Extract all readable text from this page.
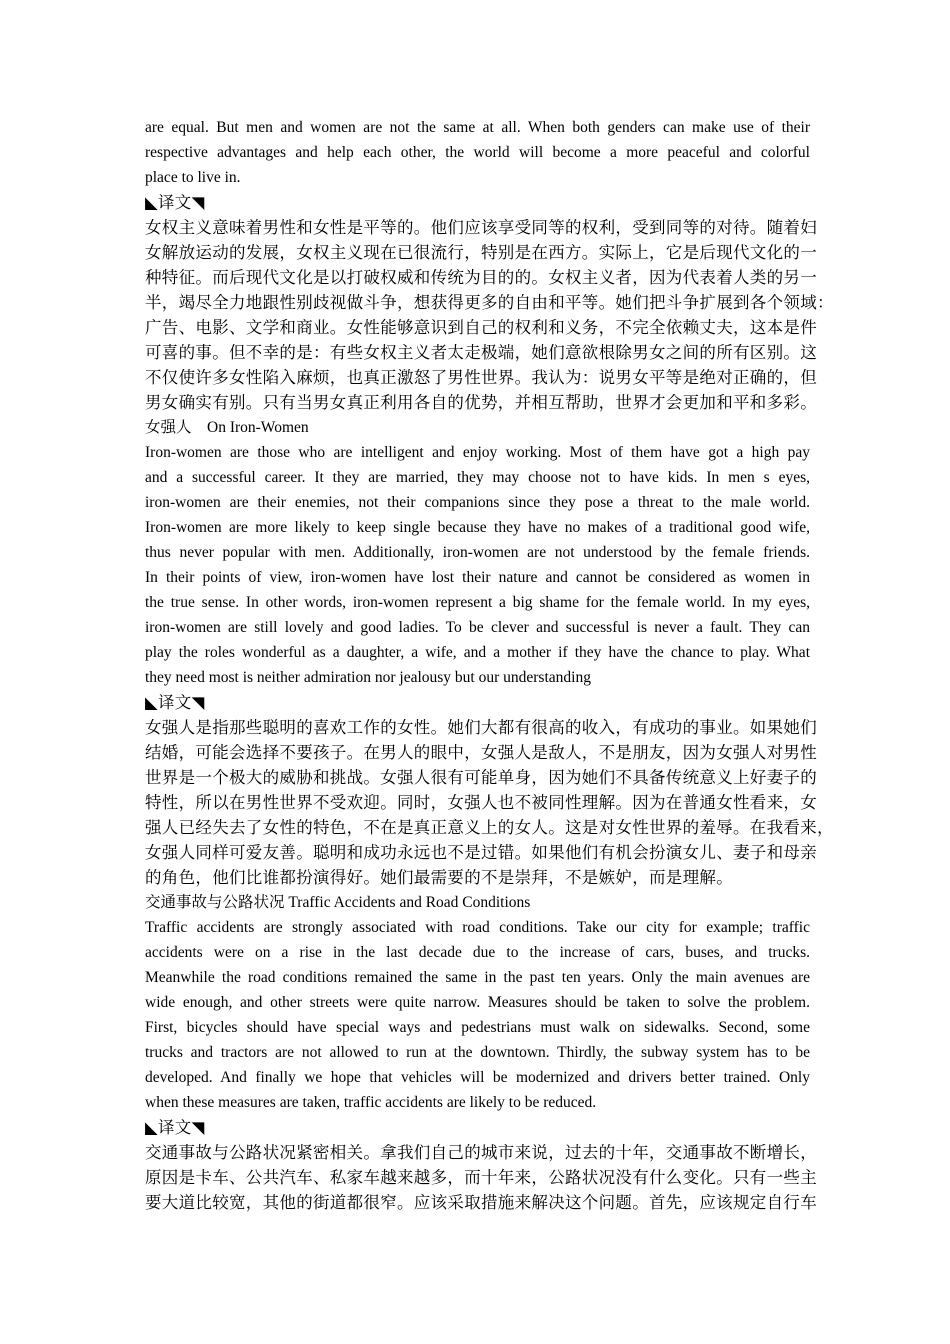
are equal. But men and women are not the same at all. When both genders can make use of their
respective advantages and help each other, the world will become a more peaceful and colorful
place to live in.
◣译文◥
女权主义意味着男性和女性是平等的。他们应该享受同等的权利，受到同等的对待。随着妇
女解放运动的发展，女权主义现在已很流行，特别是在西方。实际上，它是后现代文化的一
种特征。而后现代文化是以打破权威和传统为目的的。女权主义者，因为代表着人类的另一
半，竭尽全力地跟性别歧视做斗争，想获得更多的自由和平等。她们把斗争扩展到各个领域：
广告、电影、文学和商业。女性能够意识到自己的权利和义务，不完全依赖丈夫，这本是件
可喜的事。但不幸的是：有些女权主义者太走极端，她们意欲根除男女之间的所有区别。这
不仅使许多女性陷入麻烦，也真正激怒了男性世界。我认为：说男女平等是绝对正确的，但
男女确实有别。只有当男女真正利用各自的优势，并相互帮助，世界才会更加和平和多彩。
女强人　On Iron-Women
Iron-women are those who are intelligent and enjoy working. Most of them have got a high pay
and a successful career. It they are married, they may choose not to have kids. In men s eyes,
iron-women are their enemies, not their companions since they pose a threat to the male world.
Iron-women are more likely to keep single because they have no makes of a traditional good wife,
thus never popular with men. Additionally, iron-women are not understood by the female friends.
In their points of view, iron-women have lost their nature and cannot be considered as women in
the true sense. In other words, iron-women represent a big shame for the female world. In my eyes,
iron-women are still lovely and good ladies. To be clever and successful is never a fault. They can
play the roles wonderful as a daughter, a wife, and a mother if they have the chance to play. What
they need most is neither admiration nor jealousy but our understanding
◣译文◥
女强人是指那些聪明的喜欢工作的女性。她们大都有很高的收入，有成功的事业。如果她们
结婚，可能会选择不要孩子。在男人的眼中，女强人是敌人，不是朋友，因为女强人对男性
世界是一个极大的威胁和挑战。女强人很有可能单身，因为她们不具备传统意义上好妻子的
特性，所以在男性世界不受欢迎。同时，女强人也不被同性理解。因为在普通女性看来，女
强人已经失去了女性的特色，不在是真正意义上的女人。这是对女性世界的羞辱。在我看来，
女强人同样可爱友善。聪明和成功永远也不是过错。如果他们有机会扮演女儿、妻子和母亲
的角色，他们比谁都扮演得好。她们最需要的不是崇拜，不是嫉妒，而是理解。
交通事故与公路状况 Traffic Accidents and Road Conditions
Traffic accidents are strongly associated with road conditions. Take our city for example; traffic
accidents were on a rise in the last decade due to the increase of cars, buses, and trucks.
Meanwhile the road conditions remained the same in the past ten years. Only the main avenues are
wide enough, and other streets were quite narrow. Measures should be taken to solve the problem.
First, bicycles should have special ways and pedestrians must walk on sidewalks. Second, some
trucks and tractors are not allowed to run at the downtown. Thirdly, the subway system has to be
developed. And finally we hope that vehicles will be modernized and drivers better trained. Only
when these measures are taken, traffic accidents are likely to be reduced.
◣译文◥
交通事故与公路状况紧密相关。拿我们自己的城市来说，过去的十年，交通事故不断增长，
原因是卡车、公共汽车、私家车越来越多，而十年来，公路状况没有什么变化。只有一些主
要大道比较宽，其他的街道都很窄。应该采取措施来解决这个问题。首先，应该规定自行车
